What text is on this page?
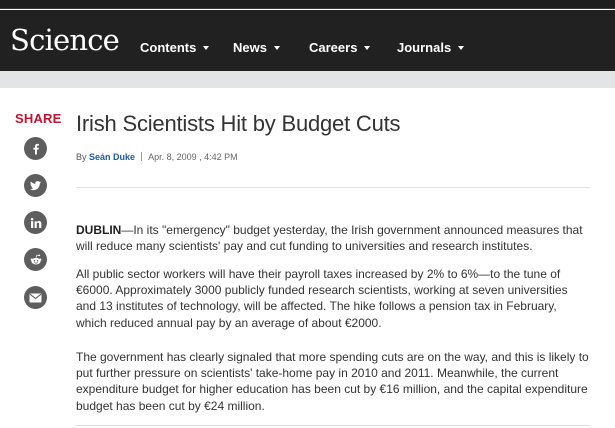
Science Contents	News	Careers	Journals
SHARE Irish Scientists Hit by Budget Cuts
By Seán Duke Apr. 8, 2009 , 4:42 PM

DUBLIN—In its "emergency" budget yesterday, the Irish government announced measures that will reduce many scientists' pay and cut funding to universities and research institutes.

All public sector workers will have their payroll taxes increased by 2% to 6%—to the tune of €6000. Approximately 3000 publicly funded research scientists, working at seven universities and 13 institutes of technology, will be affected. The hike follows a pension tax in February, which reduced annual pay by an average of about €2000.

The government has clearly signaled that more spending cuts are on the way, and this is likely to put further pressure on scientists' take-home pay in 2010 and 2011. Meanwhile, the current expenditure budget for higher education has been cut by €16 million, and the capital expenditure budget has been cut by €24 million.
